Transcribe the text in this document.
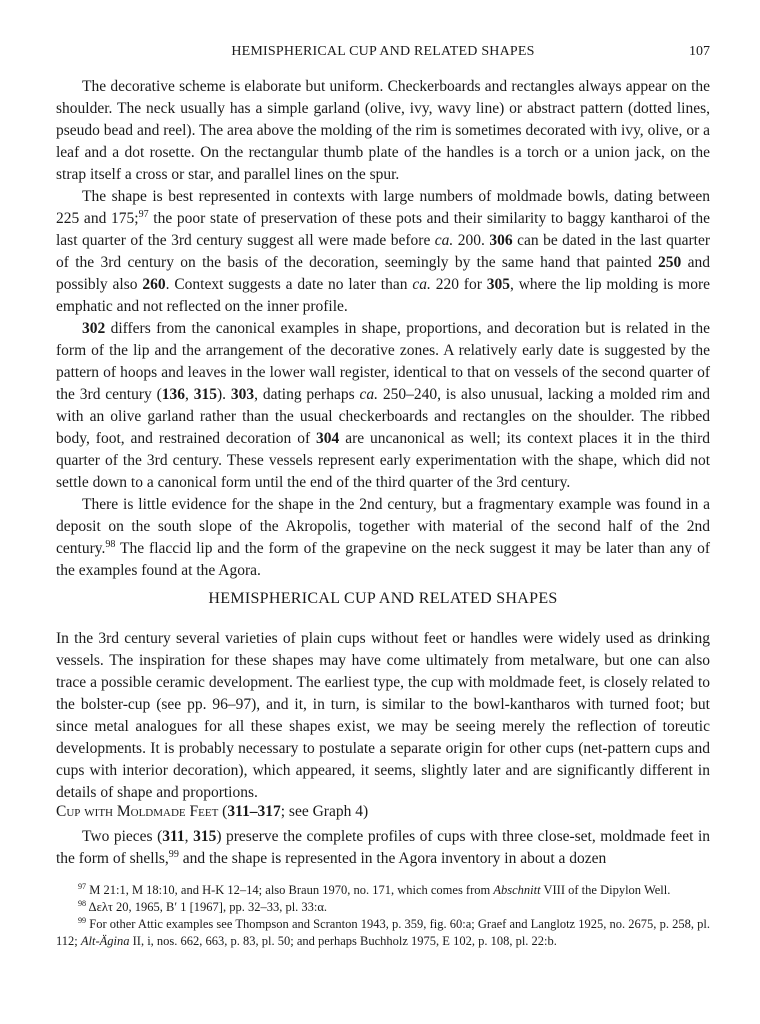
HEMISPHERICAL CUP AND RELATED SHAPES	107

The decorative scheme is elaborate but uniform. Checkerboards and rectangles always appear on the shoulder. The neck usually has a simple garland (olive, ivy, wavy line) or abstract pattern (dotted lines, pseudo bead and reel). The area above the molding of the rim is sometimes decorated with ivy, olive, or a leaf and a dot rosette. On the rectangular thumb plate of the handles is a torch or a union jack, on the strap itself a cross or star, and parallel lines on the spur.

The shape is best represented in contexts with large numbers of moldmade bowls, dating between 225 and 175;$^{97}$ the poor state of preservation of these pots and their similarity to baggy kantharoi of the last quarter of the 3rd century suggest all were made before ca. 200. 306 can be dated in the last quarter of the 3rd century on the basis of the decoration, seemingly by the same hand that painted 250 and possibly also 260. Context suggests a date no later than ca. 220 for 305, where the lip molding is more emphatic and not reflected on the inner profile.

302 differs from the canonical examples in shape, proportions, and decoration but is related in the form of the lip and the arrangement of the decorative zones. A relatively early date is suggested by the pattern of hoops and leaves in the lower wall register, identical to that on vessels of the second quarter of the 3rd century (136, 315). 303, dating perhaps ca. 250–240, is also unusual, lacking a molded rim and with an olive garland rather than the usual checkerboards and rectangles on the shoulder. The ribbed body, foot, and restrained decoration of 304 are uncanonical as well; its context places it in the third quarter of the 3rd century. These vessels represent early experimentation with the shape, which did not settle down to a canonical form until the end of the third quarter of the 3rd century.

There is little evidence for the shape in the 2nd century, but a fragmentary example was found in a deposit on the south slope of the Akropolis, together with material of the second half of the 2nd century.$^{98}$ The flaccid lip and the form of the grapevine on the neck suggest it may be later than any of the examples found at the Agora.

HEMISPHERICAL CUP AND RELATED SHAPES

In the 3rd century several varieties of plain cups without feet or handles were widely used as drinking vessels. The inspiration for these shapes may have come ultimately from metalware, but one can also trace a possible ceramic development. The earliest type, the cup with moldmade feet, is closely related to the bolster-cup (see pp. 96–97), and it, in turn, is similar to the bowl-kantharos with turned foot; but since metal analogues for all these shapes exist, we may be seeing merely the reflection of toreutic developments. It is probably necessary to postulate a separate origin for other cups (net-pattern cups and cups with interior decoration), which appeared, it seems, slightly later and are significantly different in details of shape and proportions.

Cup with Moldmade Feet (311–317; see Graph 4)

Two pieces (311, 315) preserve the complete profiles of cups with three close-set, moldmade feet in the form of shells,$^{99}$ and the shape is represented in the Agora inventory in about a dozen

$^{97}$ M 21:1, M 18:10, and H-K 12–14; also Braun 1970, no. 171, which comes from Abschnitt VIII of the Dipylon Well.

$^{98}$ Δελτ 20, 1965, B′ 1 [1967], pp. 32–33, pl. 33:α.

$^{99}$ For other Attic examples see Thompson and Scranton 1943, p. 359, fig. 60:a; Graef and Langlotz 1925, no. 2675, p. 258, pl. 112; Alt-Ägina II, i, nos. 662, 663, p. 83, pl. 50; and perhaps Buchholz 1975, E 102, p. 108, pl. 22:b.
